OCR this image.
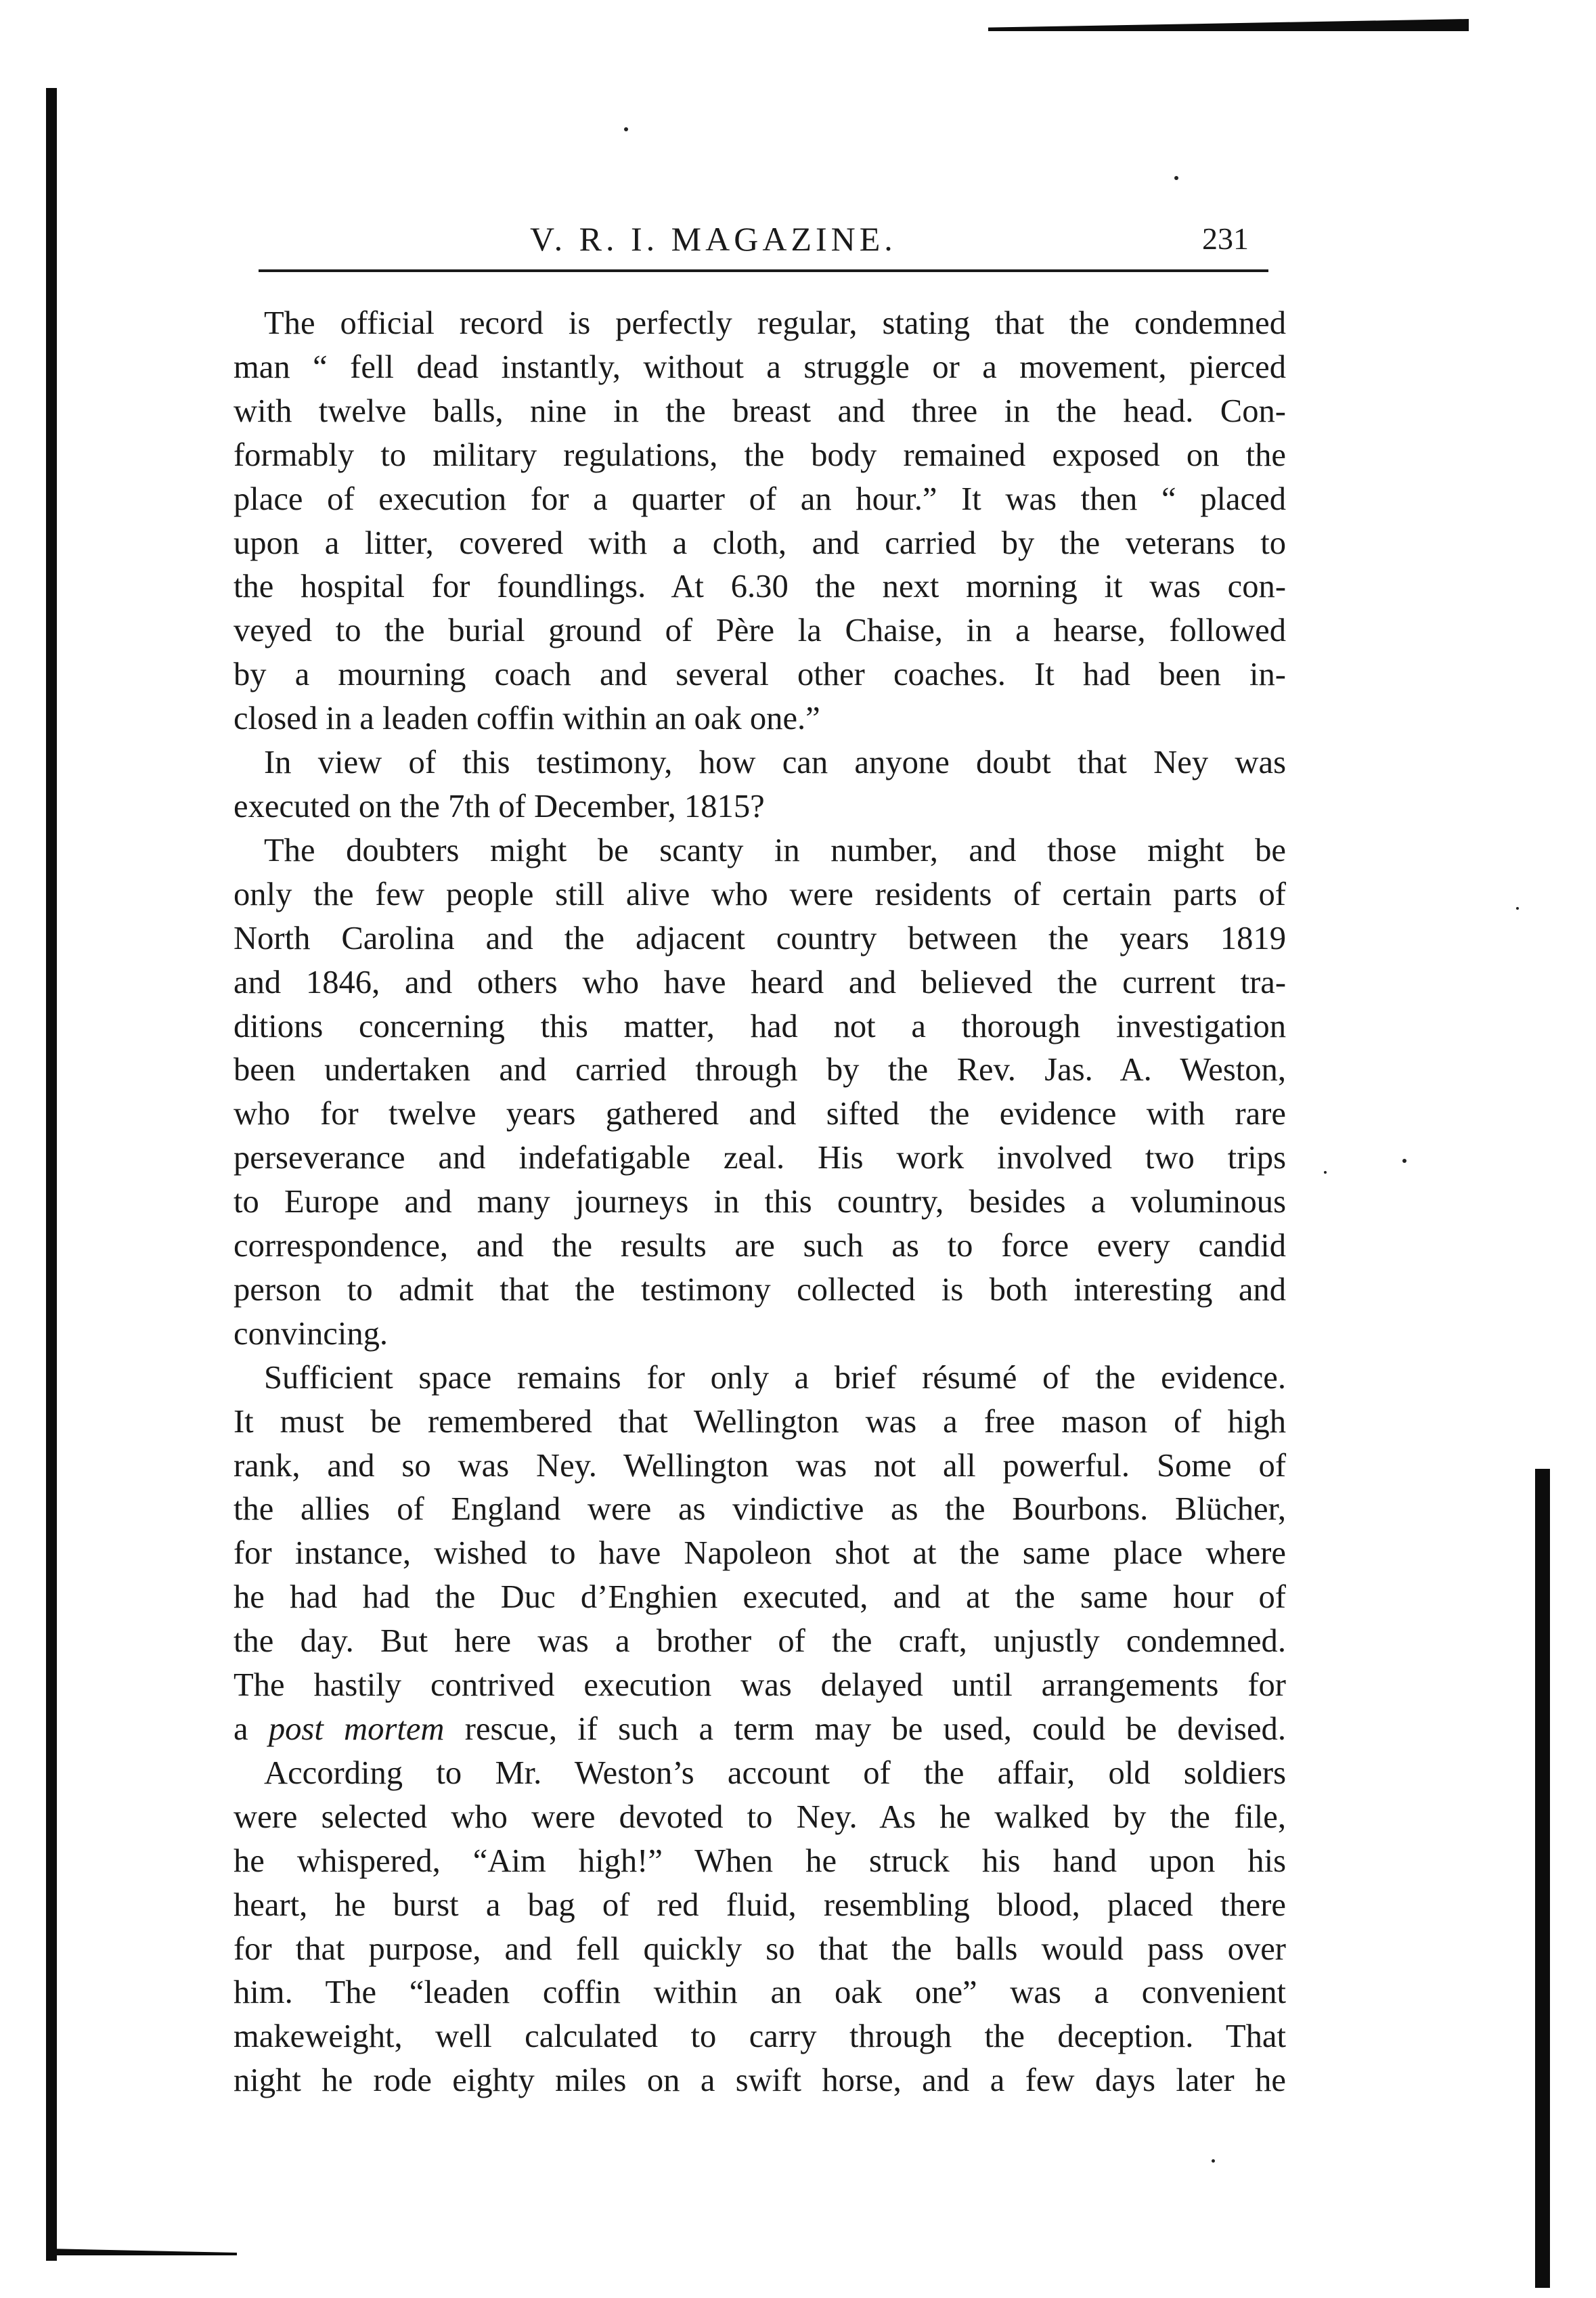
V. R. I. MAGAZINE.	231
The official record is perfectly regular, stating that the condemned
man “ fell dead instantly, without a struggle or a movement, pierced
with twelve balls, nine in the breast and three in the head. Con-
formably to military regulations, the body remained exposed on the
place of execution for a quarter of an hour.” It was then “ placed
upon a litter, covered with a cloth, and carried by the veterans to
the hospital for foundlings. At 6.30 the next morning it was con-
veyed to the burial ground of Père la Chaise, in a hearse, followed
by a mourning coach and several other coaches. It had been in-
closed in a leaden coffin within an oak one.”
In view of this testimony, how can anyone doubt that Ney was
executed on the 7th of December, 1815?
The doubters might be scanty in number, and those might be
only the few people still alive who were residents of certain parts of
North Carolina and the adjacent country between the years 1819
and 1846, and others who have heard and believed the current tra-
ditions concerning this matter, had not a thorough investigation
been undertaken and carried through by the Rev. Jas. A. Weston,
who for twelve years gathered and sifted the evidence with rare
perseverance and indefatigable zeal. His work involved two trips
to Europe and many journeys in this country, besides a voluminous
correspondence, and the results are such as to force every candid
person to admit that the testimony collected is both interesting and
convincing.
Sufficient space remains for only a brief résumé of the evidence.
It must be remembered that Wellington was a free mason of high
rank, and so was Ney. Wellington was not all powerful. Some of
the allies of England were as vindictive as the Bourbons. Blücher,
for instance, wished to have Napoleon shot at the same place where
he had had the Duc d’Enghien executed, and at the same hour of
the day. But here was a brother of the craft, unjustly condemned.
The hastily contrived execution was delayed until arrangements for
a post mortem rescue, if such a term may be used, could be devised.
According to Mr. Weston’s account of the affair, old soldiers
were selected who were devoted to Ney. As he walked by the file,
he whispered, “Aim high!” When he struck his hand upon his
heart, he burst a bag of red fluid, resembling blood, placed there
for that purpose, and fell quickly so that the balls would pass over
him. The “leaden coffin within an oak one” was a convenient
makeweight, well calculated to carry through the deception. That
night he rode eighty miles on a swift horse, and a few days later he
